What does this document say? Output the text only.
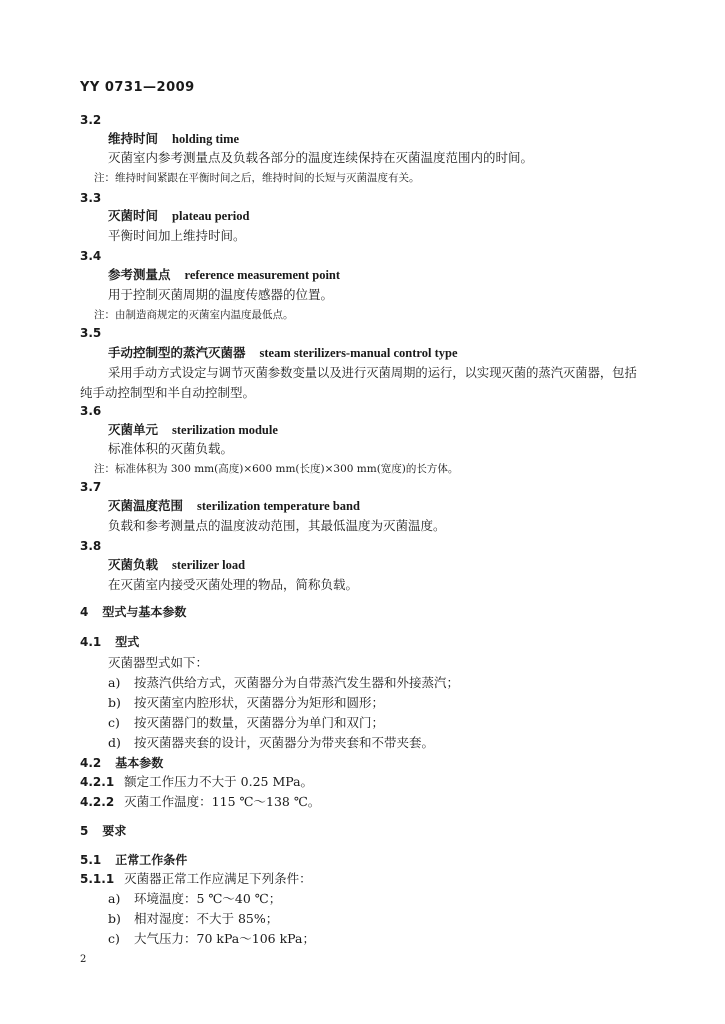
YY 0731—2009
3.2
维持时间 holding time
灭菌室内参考测量点及负载各部分的温度连续保持在灭菌温度范围内的时间。
注：维持时间紧跟在平衡时间之后，维持时间的长短与灭菌温度有关。
3.3
灭菌时间 plateau period
平衡时间加上维持时间。
3.4
参考测量点 reference measurement point
用于控制灭菌周期的温度传感器的位置。
注：由制造商规定的灭菌室内温度最低点。
3.5
手动控制型的蒸汽灭菌器 steam sterilizers-manual control type
采用手动方式设定与调节灭菌参数变量以及进行灭菌周期的运行，以实现灭菌的蒸汽灭菌器，包括
纯手动控制型和半自动控制型。
3.6
灭菌单元 sterilization module
标准体积的灭菌负载。
注：标准体积为 300 mm(高度)×600 mm(长度)×300 mm(宽度)的长方体。
3.7
灭菌温度范围 sterilization temperature band
负载和参考测量点的温度波动范围，其最低温度为灭菌温度。
3.8
灭菌负载 sterilizer load
在灭菌室内接受灭菌处理的物品，简称负载。
4 型式与基本参数
4.1 型式
灭菌器型式如下：
a) 按蒸汽供给方式，灭菌器分为自带蒸汽发生器和外接蒸汽；
b) 按灭菌室内腔形状，灭菌器分为矩形和圆形；
c) 按灭菌器门的数量，灭菌器分为单门和双门；
d) 按灭菌器夹套的设计，灭菌器分为带夹套和不带夹套。
4.2 基本参数
4.2.1 额定工作压力不大于 0.25 MPa。
4.2.2 灭菌工作温度：115 ℃～138 ℃。
5 要求
5.1 正常工作条件
5.1.1 灭菌器正常工作应满足下列条件：
a) 环境温度：5 ℃～40 ℃；
b) 相对湿度：不大于 85%；
c) 大气压力：70 kPa～106 kPa；
2
